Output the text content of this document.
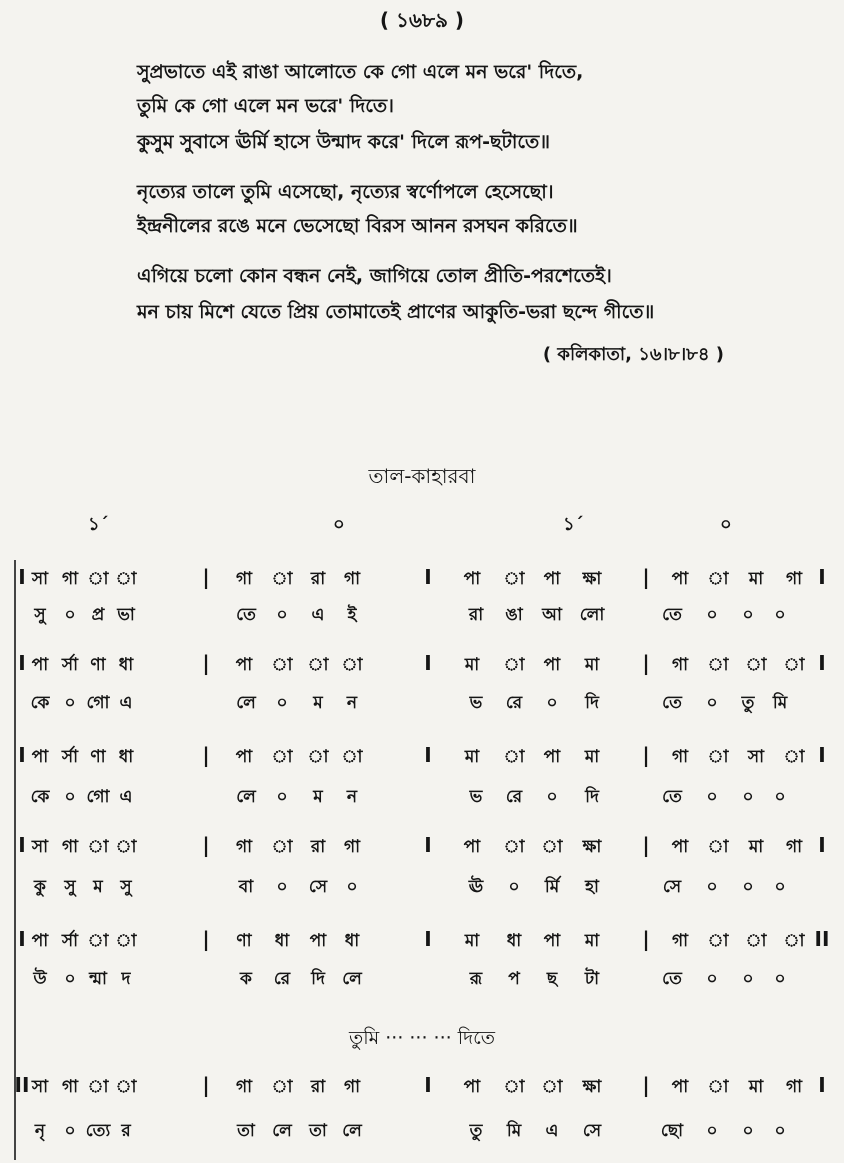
( ১৬৮৯ )
সুপ্রভাতে এই রাঙা আলোতে কে গো এলে মন ভরে' দিতে,
তুমি কে গো এলে মন ভরে' দিতে।
কুসুম সুবাসে ঊর্মি হাসে উন্মাদ করে' দিলে রূপ-ছটাতে॥
নৃত্যের তালে তুমি এসেছো, নৃত্যের স্বর্ণোপলে হেসেছো।
ইন্দ্রনীলের রঙে মনে ভেসেছো বিরস আনন রসঘন করিতে॥
এগিয়ে চলো কোন বন্ধন নেই, জাগিয়ে তোল প্রীতি-পরশেতেই।
মন চায় মিশে যেতে প্রিয় তোমাতেই প্রাণের আকুতি-ভরা ছন্দে গীতে॥
( কলিকাতা, ১৬।৮।৮৪ )
তাল-কাহারবা
১´	০	১´	০
I সা গা া া	| গা া রা গা	I পা া পা ক্ষা | পা া মা গা I
সু ০ প্র ভা	তে ০ এ ই	রা ঙা আ লো	তে ০ ০ ০
I পা র্সা ণা ধা	| পা া া া	I মা া পা মা | গা া া া I
কে ০ গো এ	লে ০ ম ন	ভ রে ০ দি	তে ০ তু মি
I পা র্সা ণা ধা	| পা া া া	I মা া পা মা | গা া সা া I
কে ০ গো এ	লে ০ ম ন	ভ রে ০ দি	তে ০ ০ ০
I সা গা া া	| গা া রা গা	I পা া া ক্ষা | পা া মা গা I
কু সু ম সু	বা ০ সে ০	ঊ ০ র্মি হা	সে ০ ০ ০
I পা র্সা া া	| ণা ধা পা ধা	I মা ধা পা মা | গা া া া II
উ ০ ন্মা দ	ক রে দি লে	রূ প ছ টা	তে ০ ০ ০
II সা গা া া	| গা া রা গা	I পা া া ক্ষা | পা া মা গা I
নৃ ০ ত্যে র	তা লে তা লে	তু মি এ সে	ছো ০ ০ ০
তুমি ··· ··· ··· দিতে
